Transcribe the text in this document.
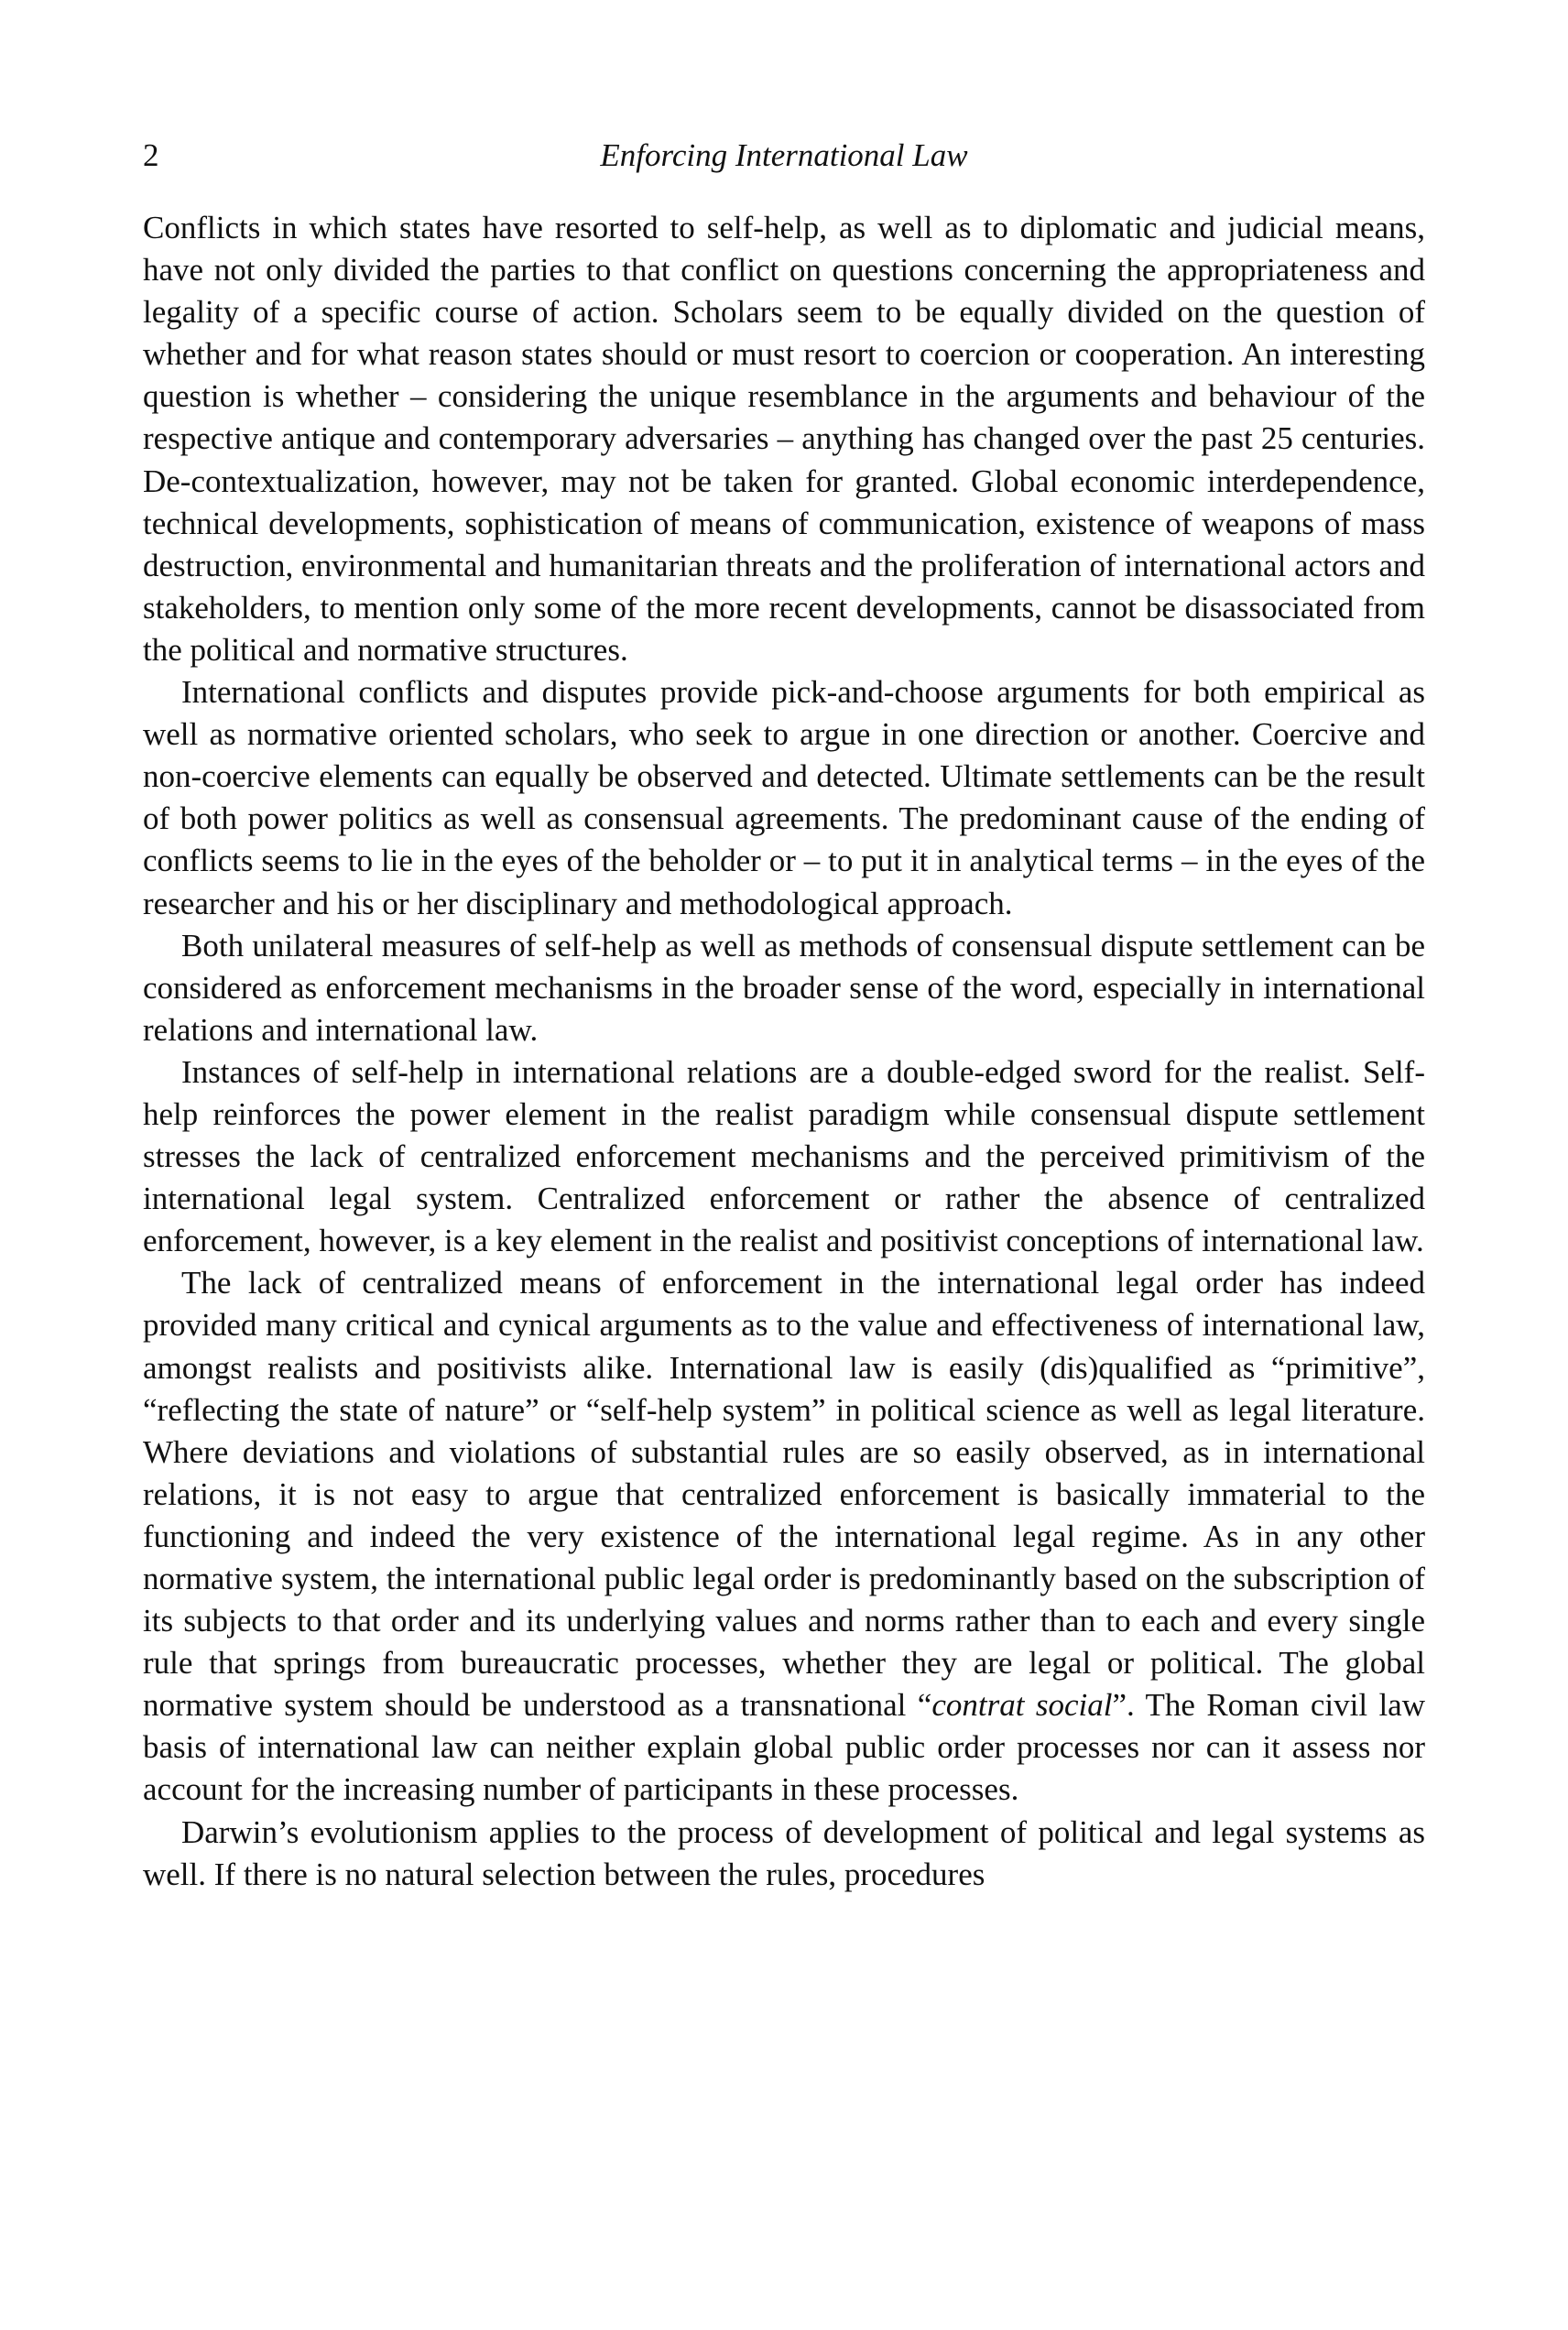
2	Enforcing International Law

Conflicts in which states have resorted to self-help, as well as to diplomatic and judicial means, have not only divided the parties to that conflict on questions concerning the appropriateness and legality of a specific course of action. Scholars seem to be equally divided on the question of whether and for what reason states should or must resort to coercion or cooperation. An interesting question is whether – considering the unique resemblance in the arguments and behaviour of the respective antique and contemporary adversaries – anything has changed over the past 25 centuries. De-contextualization, however, may not be taken for granted. Global economic interdependence, technical developments, sophistication of means of communication, existence of weapons of mass destruction, environmental and humanitarian threats and the proliferation of international actors and stakeholders, to mention only some of the more recent developments, cannot be disassociated from the political and normative structures.

International conflicts and disputes provide pick-and-choose arguments for both empirical as well as normative oriented scholars, who seek to argue in one direction or another. Coercive and non-coercive elements can equally be observed and detected. Ultimate settlements can be the result of both power politics as well as consensual agreements. The predominant cause of the ending of conflicts seems to lie in the eyes of the beholder or – to put it in analytical terms – in the eyes of the researcher and his or her disciplinary and methodological approach.

Both unilateral measures of self-help as well as methods of consensual dispute settlement can be considered as enforcement mechanisms in the broader sense of the word, especially in international relations and international law.

Instances of self-help in international relations are a double-edged sword for the realist. Self-help reinforces the power element in the realist paradigm while consensual dispute settlement stresses the lack of centralized enforcement mechanisms and the perceived primitivism of the international legal system. Centralized enforcement or rather the absence of centralized enforcement, however, is a key element in the realist and positivist conceptions of international law.

The lack of centralized means of enforcement in the international legal order has indeed provided many critical and cynical arguments as to the value and effectiveness of international law, amongst realists and positivists alike. International law is easily (dis)qualified as “primitive”, “reflecting the state of nature” or “self-help system” in political science as well as legal literature. Where deviations and violations of substantial rules are so easily observed, as in international relations, it is not easy to argue that centralized enforcement is basically immaterial to the functioning and indeed the very existence of the international legal regime. As in any other normative system, the international public legal order is predominantly based on the subscription of its subjects to that order and its underlying values and norms rather than to each and every single rule that springs from bureaucratic processes, whether they are legal or political. The global normative system should be understood as a transnational “contrat social”. The Roman civil law basis of international law can neither explain global public order processes nor can it assess nor account for the increasing number of participants in these processes.

Darwin’s evolutionism applies to the process of development of political and legal systems as well. If there is no natural selection between the rules, procedures
